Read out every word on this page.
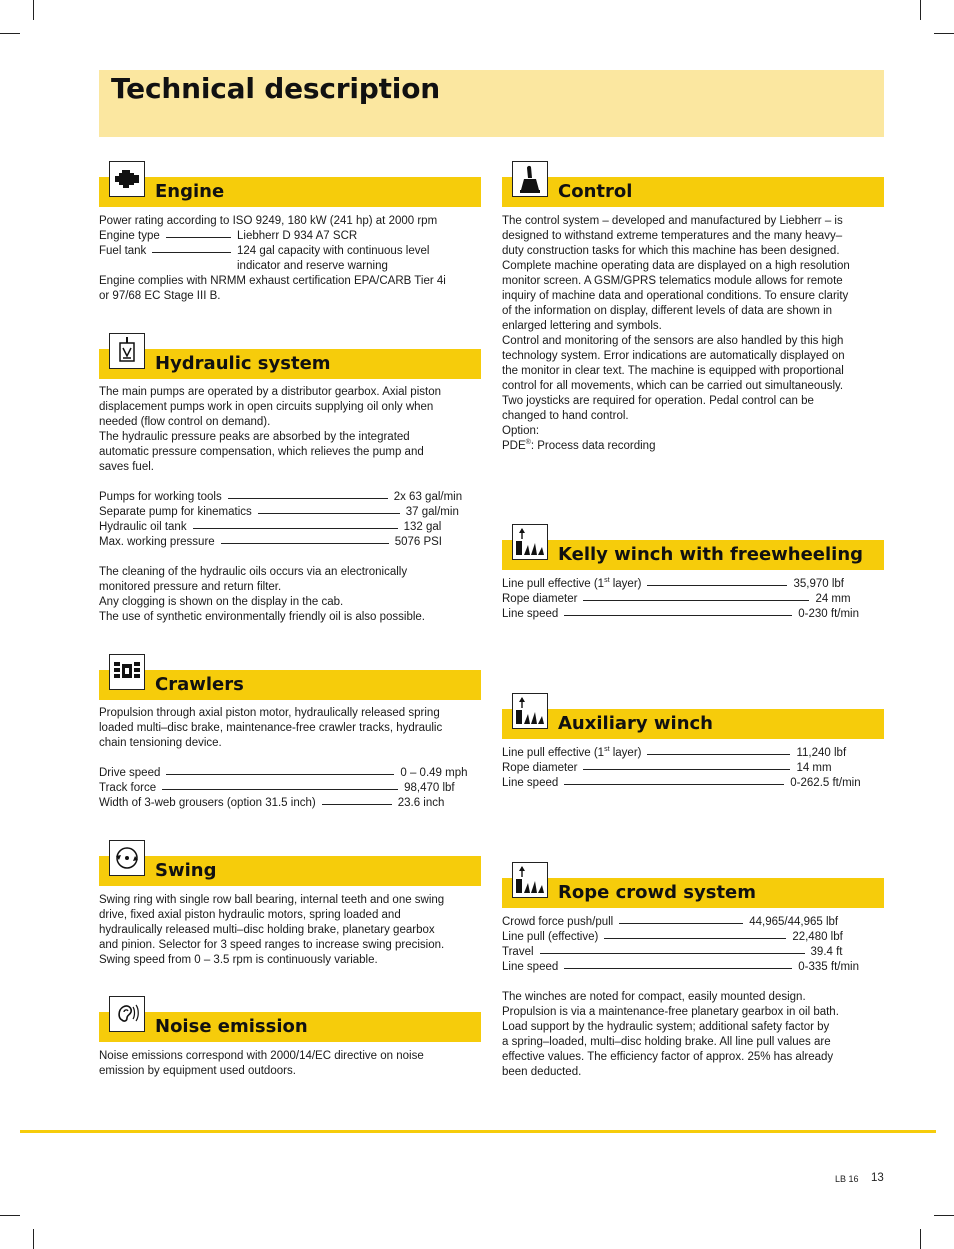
Technical description
Engine

Power rating according to ISO 9249, 180 kW (241 hp) at 2000 rpm

Engine type	Liebherr D 934 A7 SCR
Fuel tank	124 gal capacity with continuous level
indicator and reserve warning

Engine complies with NRMM exhaust certification EPA/CARB Tier 4i

or 97/68 EC Stage III B.

Hydraulic system

The main pumps are operated by a distributor gearbox. Axial piston

displacement pumps work in open circuits supplying oil only when

needed (flow control on demand).

The hydraulic pressure peaks are absorbed by the integrated

automatic pressure compensation, which relieves the pump and

saves fuel.

Pumps for working tools	2x 63 gal/min
Separate pump for kinematics	37 gal/min
Hydraulic oil tank	132 gal
Max. working pressure	5076 PSI

The cleaning of the hydraulic oils occurs via an electronically

monitored pressure and return filter.

Any clogging is shown on the display in the cab.

The use of synthetic environmentally friendly oil is also possible.

Crawlers

Propulsion through axial piston motor, hydraulically released spring

loaded multi–disc brake, maintenance-free crawler tracks, hydraulic

chain tensioning device.

Drive speed	0 – 0.49 mph
Track force	98,470 lbf
Width of 3-web grousers (option 31.5 inch)	23.6 inch
Swing

Swing ring with single row ball bearing, internal teeth and one swing

drive, fixed axial piston hydraulic motors, spring loaded and

hydraulically released multi–disc holding brake, planetary gearbox

and pinion. Selector for 3 speed ranges to increase swing precision.

Swing speed from 0 – 3.5 rpm is continuously variable.

Noise emission

Noise emissions correspond with 2000/14/EC directive on noise

emission by equipment used outdoors.

Control

The control system – developed and manufactured by Liebherr – is

designed to withstand extreme temperatures and the many heavy–

duty construction tasks for which this machine has been designed.

Complete machine operating data are displayed on a high resolution

monitor screen. A GSM/GPRS telematics module allows for remote

inquiry of machine data and operational conditions. To ensure clarity

of the information on display, different levels of data are shown in

enlarged lettering and symbols.

Control and monitoring of the sensors are also handled by this high

technology system. Error indications are automatically displayed on

the monitor in clear text. The machine is equipped with proportional

control for all movements, which can be carried out simultaneously.

Two joysticks are required for operation. Pedal control can be

changed to hand control.

Option:

PDE®: Process data recording

Kelly winch with freewheeling
Line pull effective (1st layer)	35,970 lbf
Rope diameter	24 mm
Line speed	0-230 ft/min
Auxiliary winch
Line pull effective (1st layer)	11,240 lbf
Rope diameter	14 mm
Line speed	0-262.5 ft/min
Rope crowd system
Crowd force push/pull	44,965/44,965 lbf
Line pull (effective)	22,480 lbf
Travel	39.4 ft
Line speed	0-335 ft/min

The winches are noted for compact, easily mounted design.

Propulsion is via a maintenance-free planetary gearbox in oil bath.

Load support by the hydraulic system; additional safety factor by

a spring–loaded, multi–disc holding brake. All line pull values are

effective values. The efficiency factor of approx. 25% has already

been deducted.

LB 16 13
